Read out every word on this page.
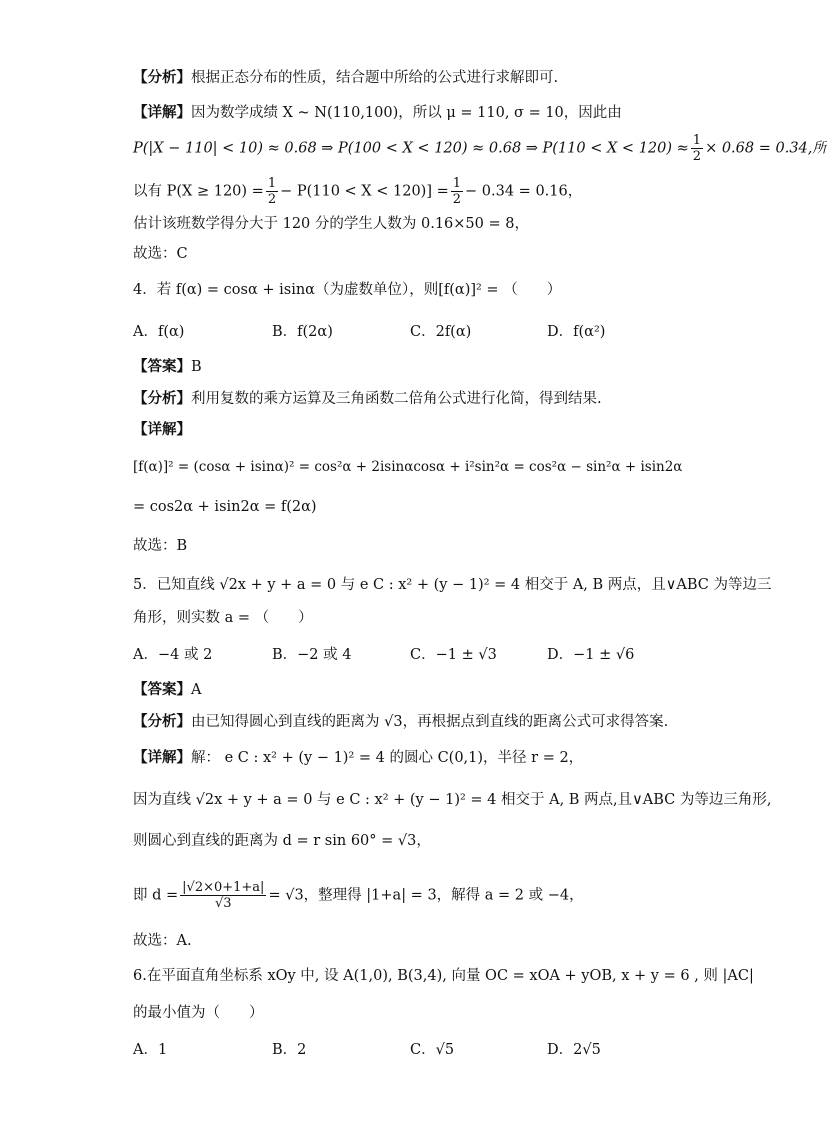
【分析】根据正态分布的性质，结合题中所给的公式进行求解即可.
【详解】因为数学成绩 X ~ N(110,100)，所以 μ = 110, σ = 10，因此由
P(|X − 110| < 10) ≈ 0.68 ⇒ P(100 < X < 120) ≈ 0.68 ⇒ $P(110 < X < 120) \approx \frac{1}{2} \times 0.68 = 0.34$,所
以有 $P(X \ge 120) = \frac{1}{2} - P(110 < X < 120)] = \frac{1}{2} - 0.34 = 0.16$，
估计该班数学得分大于 120 分的学生人数为 0.16×50 = 8，
故选：C
4．若 f(α) = cosα + isinα（为虚数单位），则[f(α)]² = （　　）
A．f(α)	B．f(2α)	C．2f(α)	D．f(α²)
【答案】B
【分析】利用复数的乘方运算及三角函数二倍角公式进行化简，得到结果.
【详解】
[f(α)]² = (cosα + isinα)² = cos²α + 2isinαcosα + i²sin²α = cos²α − sin²α + isin2α
= cos2α + isin2α = f(2α)
故选：B
5．已知直线 √2x + y + a = 0 与 e C : x² + (y − 1)² = 4 相交于 A, B 两点，且∨ABC 为等边三
角形，则实数 a = （　　）
A．−4 或 2	B．−2 或 4	C．−1 ± √3	D．−1 ± √6
【答案】A
【分析】由已知得圆心到直线的距离为 √3，再根据点到直线的距离公式可求得答案.
【详解】解： e C : x² + (y − 1)² = 4 的圆心 C(0,1)，半径 r = 2，
因为直线 √2x + y + a = 0 与 e C : x² + (y − 1)² = 4 相交于 A, B 两点,且∨ABC 为等边三角形,
则圆心到直线的距离为 d = r sin 60° = √3，
即 $d = \frac{|√2\times 0+1+a|}{√3} = √3$，整理得 |1+a| = 3，解得 a = 2 或 −4，
故选：A.
6.在平面直角坐标系 xOy 中, 设 A(1,0), B(3,4), 向量 OC = xOA + yOB, x + y = 6 , 则 |AC|
的最小值为（　　）
A．1	B．2	C．√5	D．2√5
